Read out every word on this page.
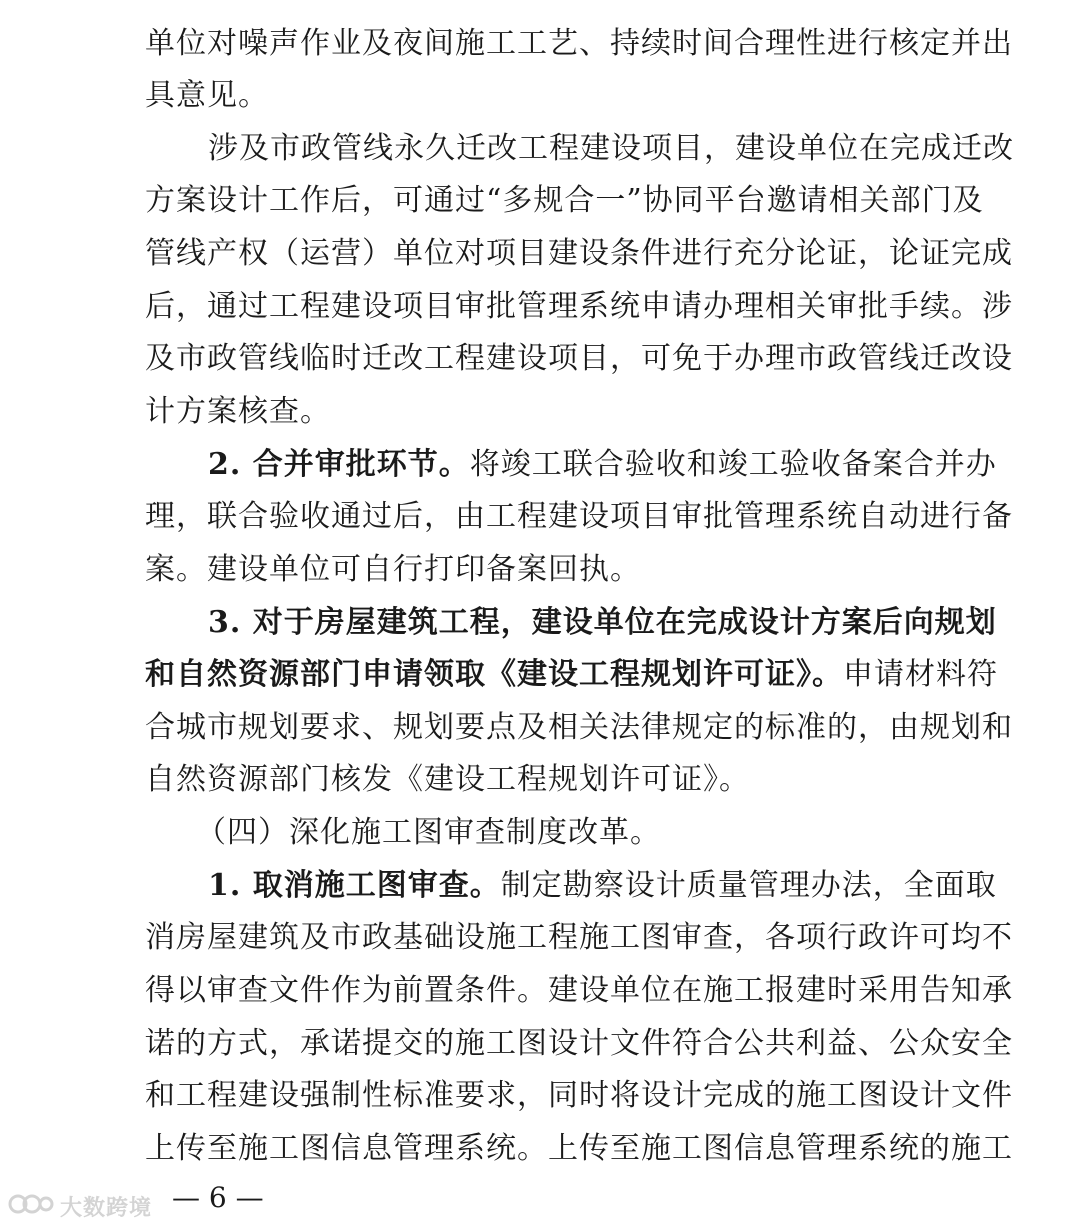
单位对噪声作业及夜间施工工艺、持续时间合理性进行核定并出
具意见。
涉及市政管线永久迁改工程建设项目，建设单位在完成迁改
方案设计工作后，可通过“多规合一”协同平台邀请相关部门及
管线产权（运营）单位对项目建设条件进行充分论证，论证完成
后，通过工程建设项目审批管理系统申请办理相关审批手续。涉
及市政管线临时迁改工程建设项目，可免于办理市政管线迁改设
计方案核查。
2. 合并审批环节。将竣工联合验收和竣工验收备案合并办
理，联合验收通过后，由工程建设项目审批管理系统自动进行备
案。建设单位可自行打印备案回执。
3. 对于房屋建筑工程，建设单位在完成设计方案后向规划
和自然资源部门申请领取《建设工程规划许可证》。申请材料符
合城市规划要求、规划要点及相关法律规定的标准的，由规划和
自然资源部门核发《建设工程规划许可证》。
（四）深化施工图审查制度改革。
1. 取消施工图审查。制定勘察设计质量管理办法，全面取
消房屋建筑及市政基础设施工程施工图审查，各项行政许可均不
得以审查文件作为前置条件。建设单位在施工报建时采用告知承
诺的方式，承诺提交的施工图设计文件符合公共利益、公众安全
和工程建设强制性标准要求，同时将设计完成的施工图设计文件
上传至施工图信息管理系统。上传至施工图信息管理系统的施工
— 6 —
大数跨境
